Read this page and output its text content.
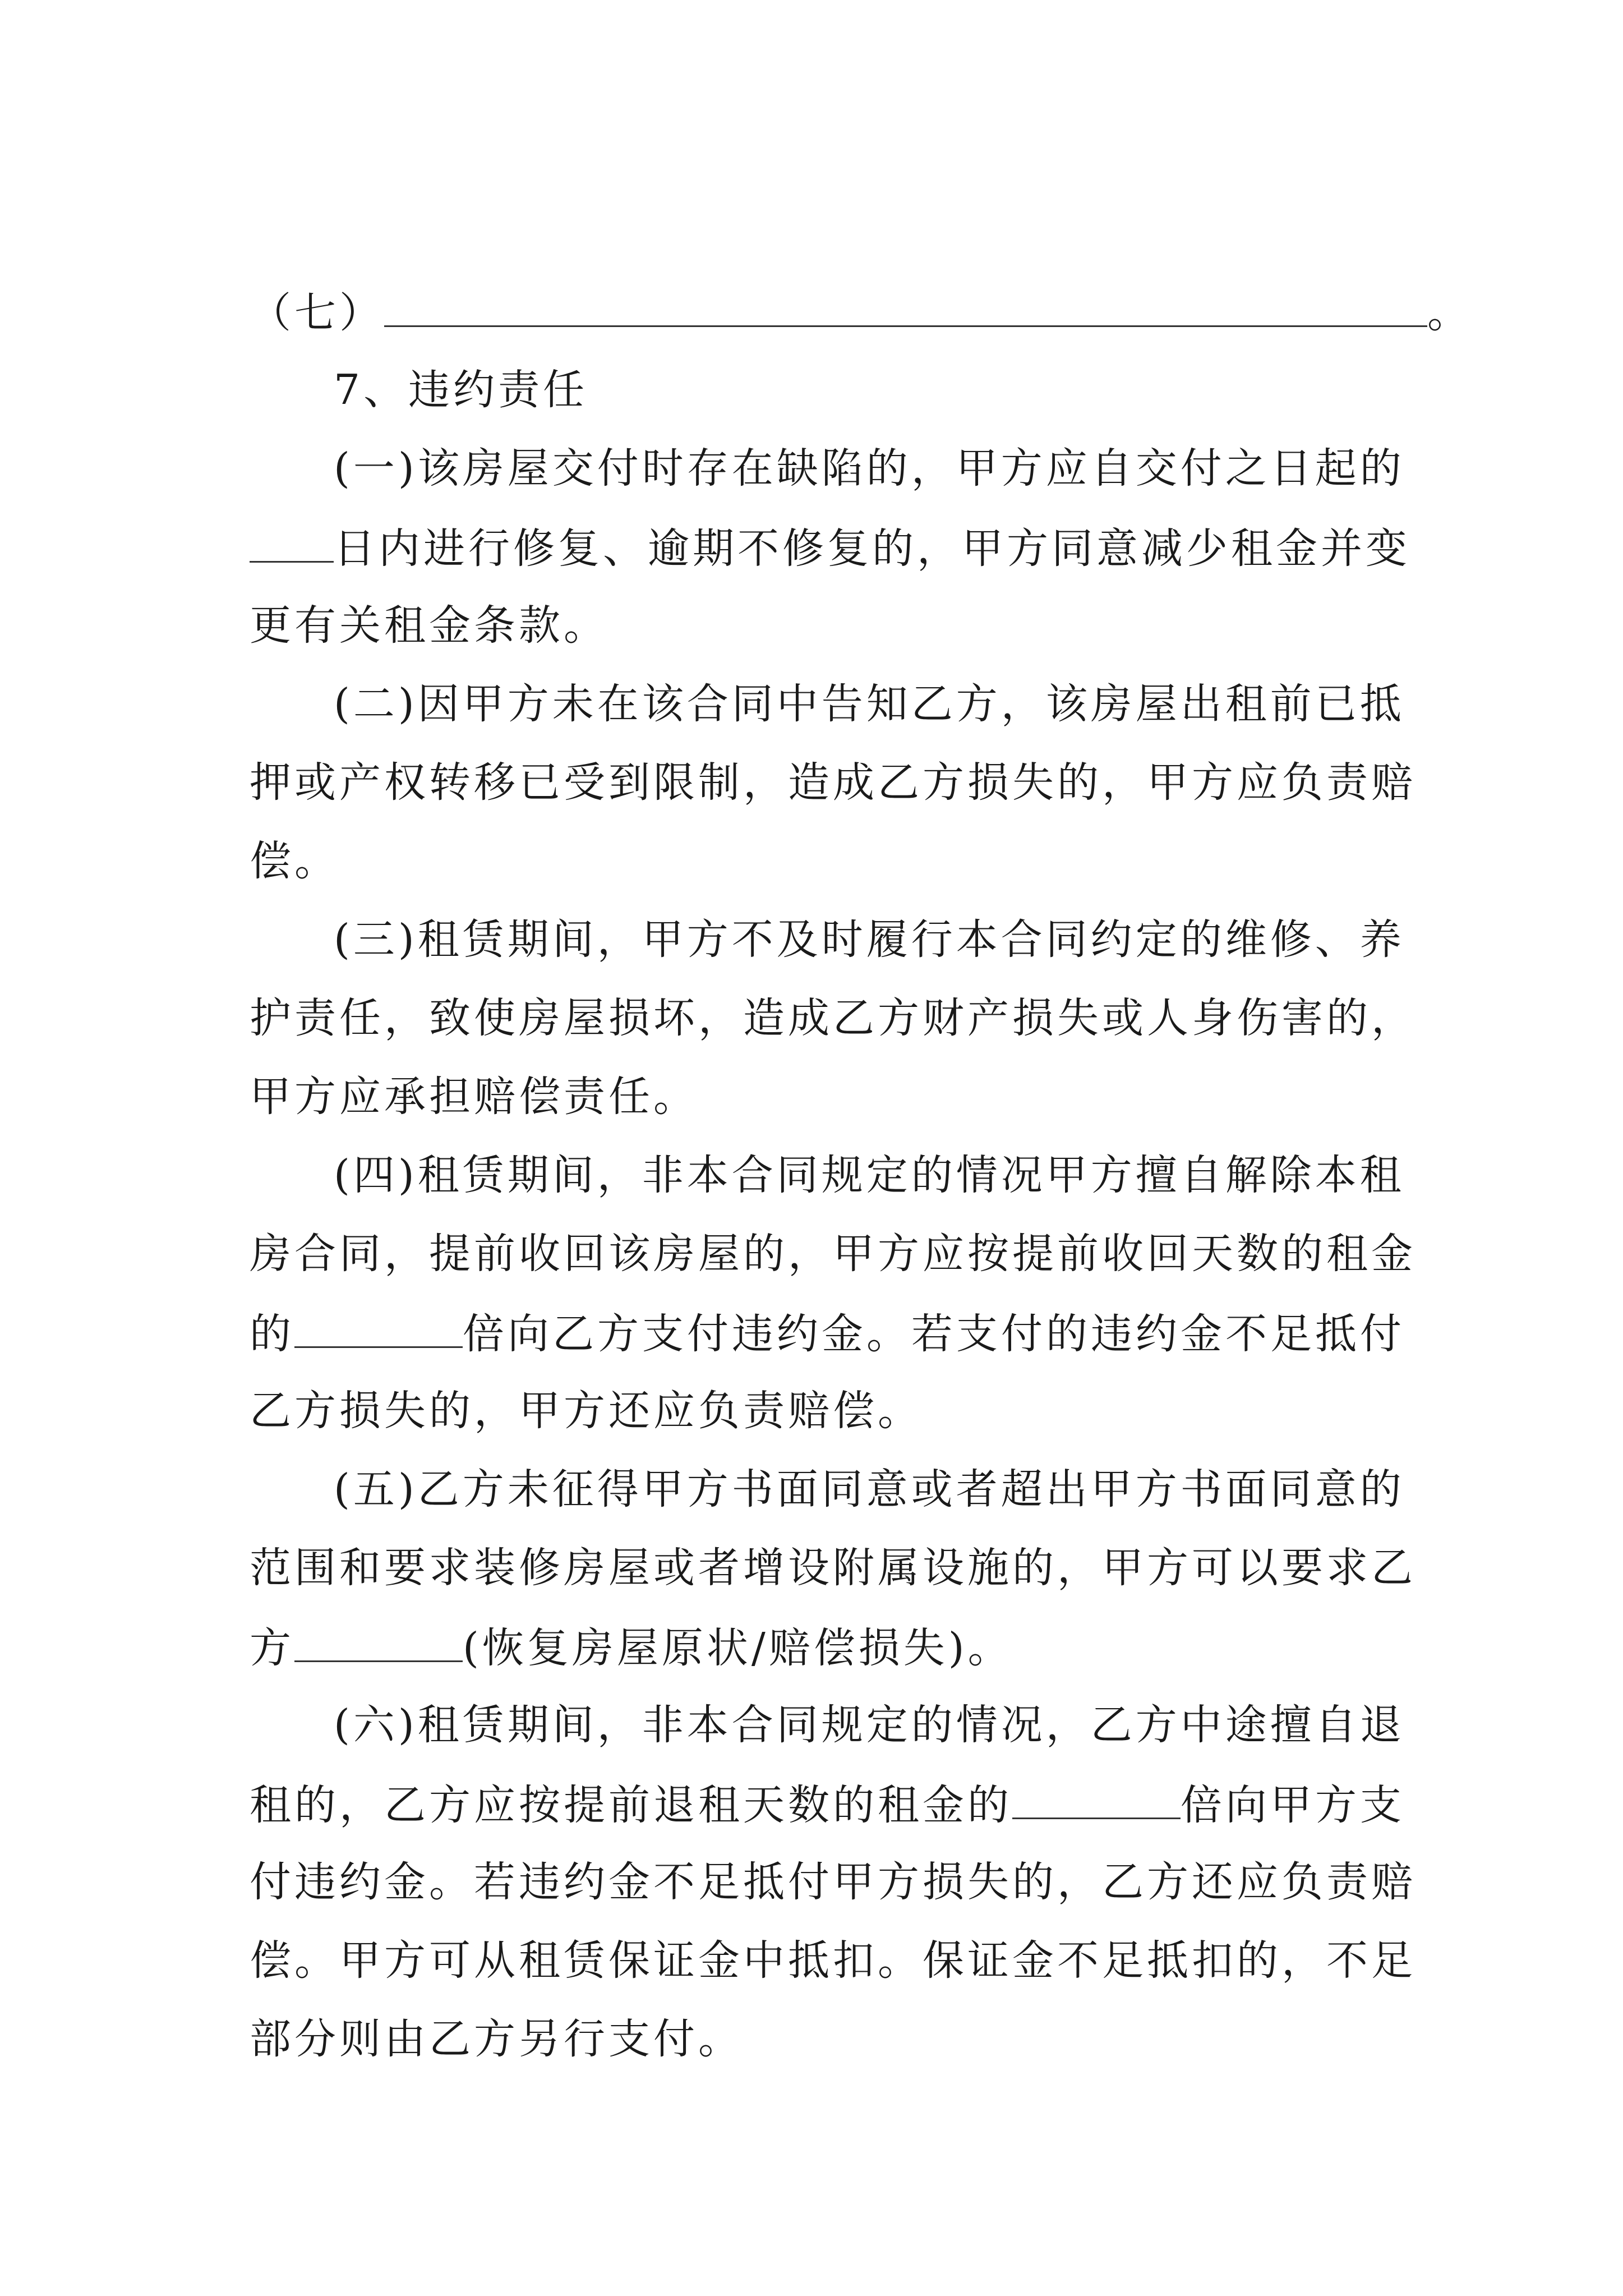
（七）	。
7、违约责任
(一)该房屋交付时存在缺陷的，甲方应自交付之日起的
日内进行修复、逾期不修复的，甲方同意减少租金并变
更有关租金条款。
(二)因甲方未在该合同中告知乙方，该房屋出租前已抵
押或产权转移已受到限制，造成乙方损失的，甲方应负责赔
偿。
(三)租赁期间，甲方不及时履行本合同约定的维修、养
护责任，致使房屋损坏，造成乙方财产损失或人身伤害的，
甲方应承担赔偿责任。
(四)租赁期间，非本合同规定的情况甲方擅自解除本租
房合同，提前收回该房屋的，甲方应按提前收回天数的租金
的	倍向乙方支付违约金。若支付的违约金不足抵付
乙方损失的，甲方还应负责赔偿。
(五)乙方未征得甲方书面同意或者超出甲方书面同意的
范围和要求装修房屋或者增设附属设施的，甲方可以要求乙
方	(恢复房屋原状/赔偿损失)。
(六)租赁期间，非本合同规定的情况，乙方中途擅自退
租的，乙方应按提前退租天数的租金的	倍向甲方支
付违约金。若违约金不足抵付甲方损失的，乙方还应负责赔
偿。甲方可从租赁保证金中抵扣。保证金不足抵扣的，不足
部分则由乙方另行支付。
